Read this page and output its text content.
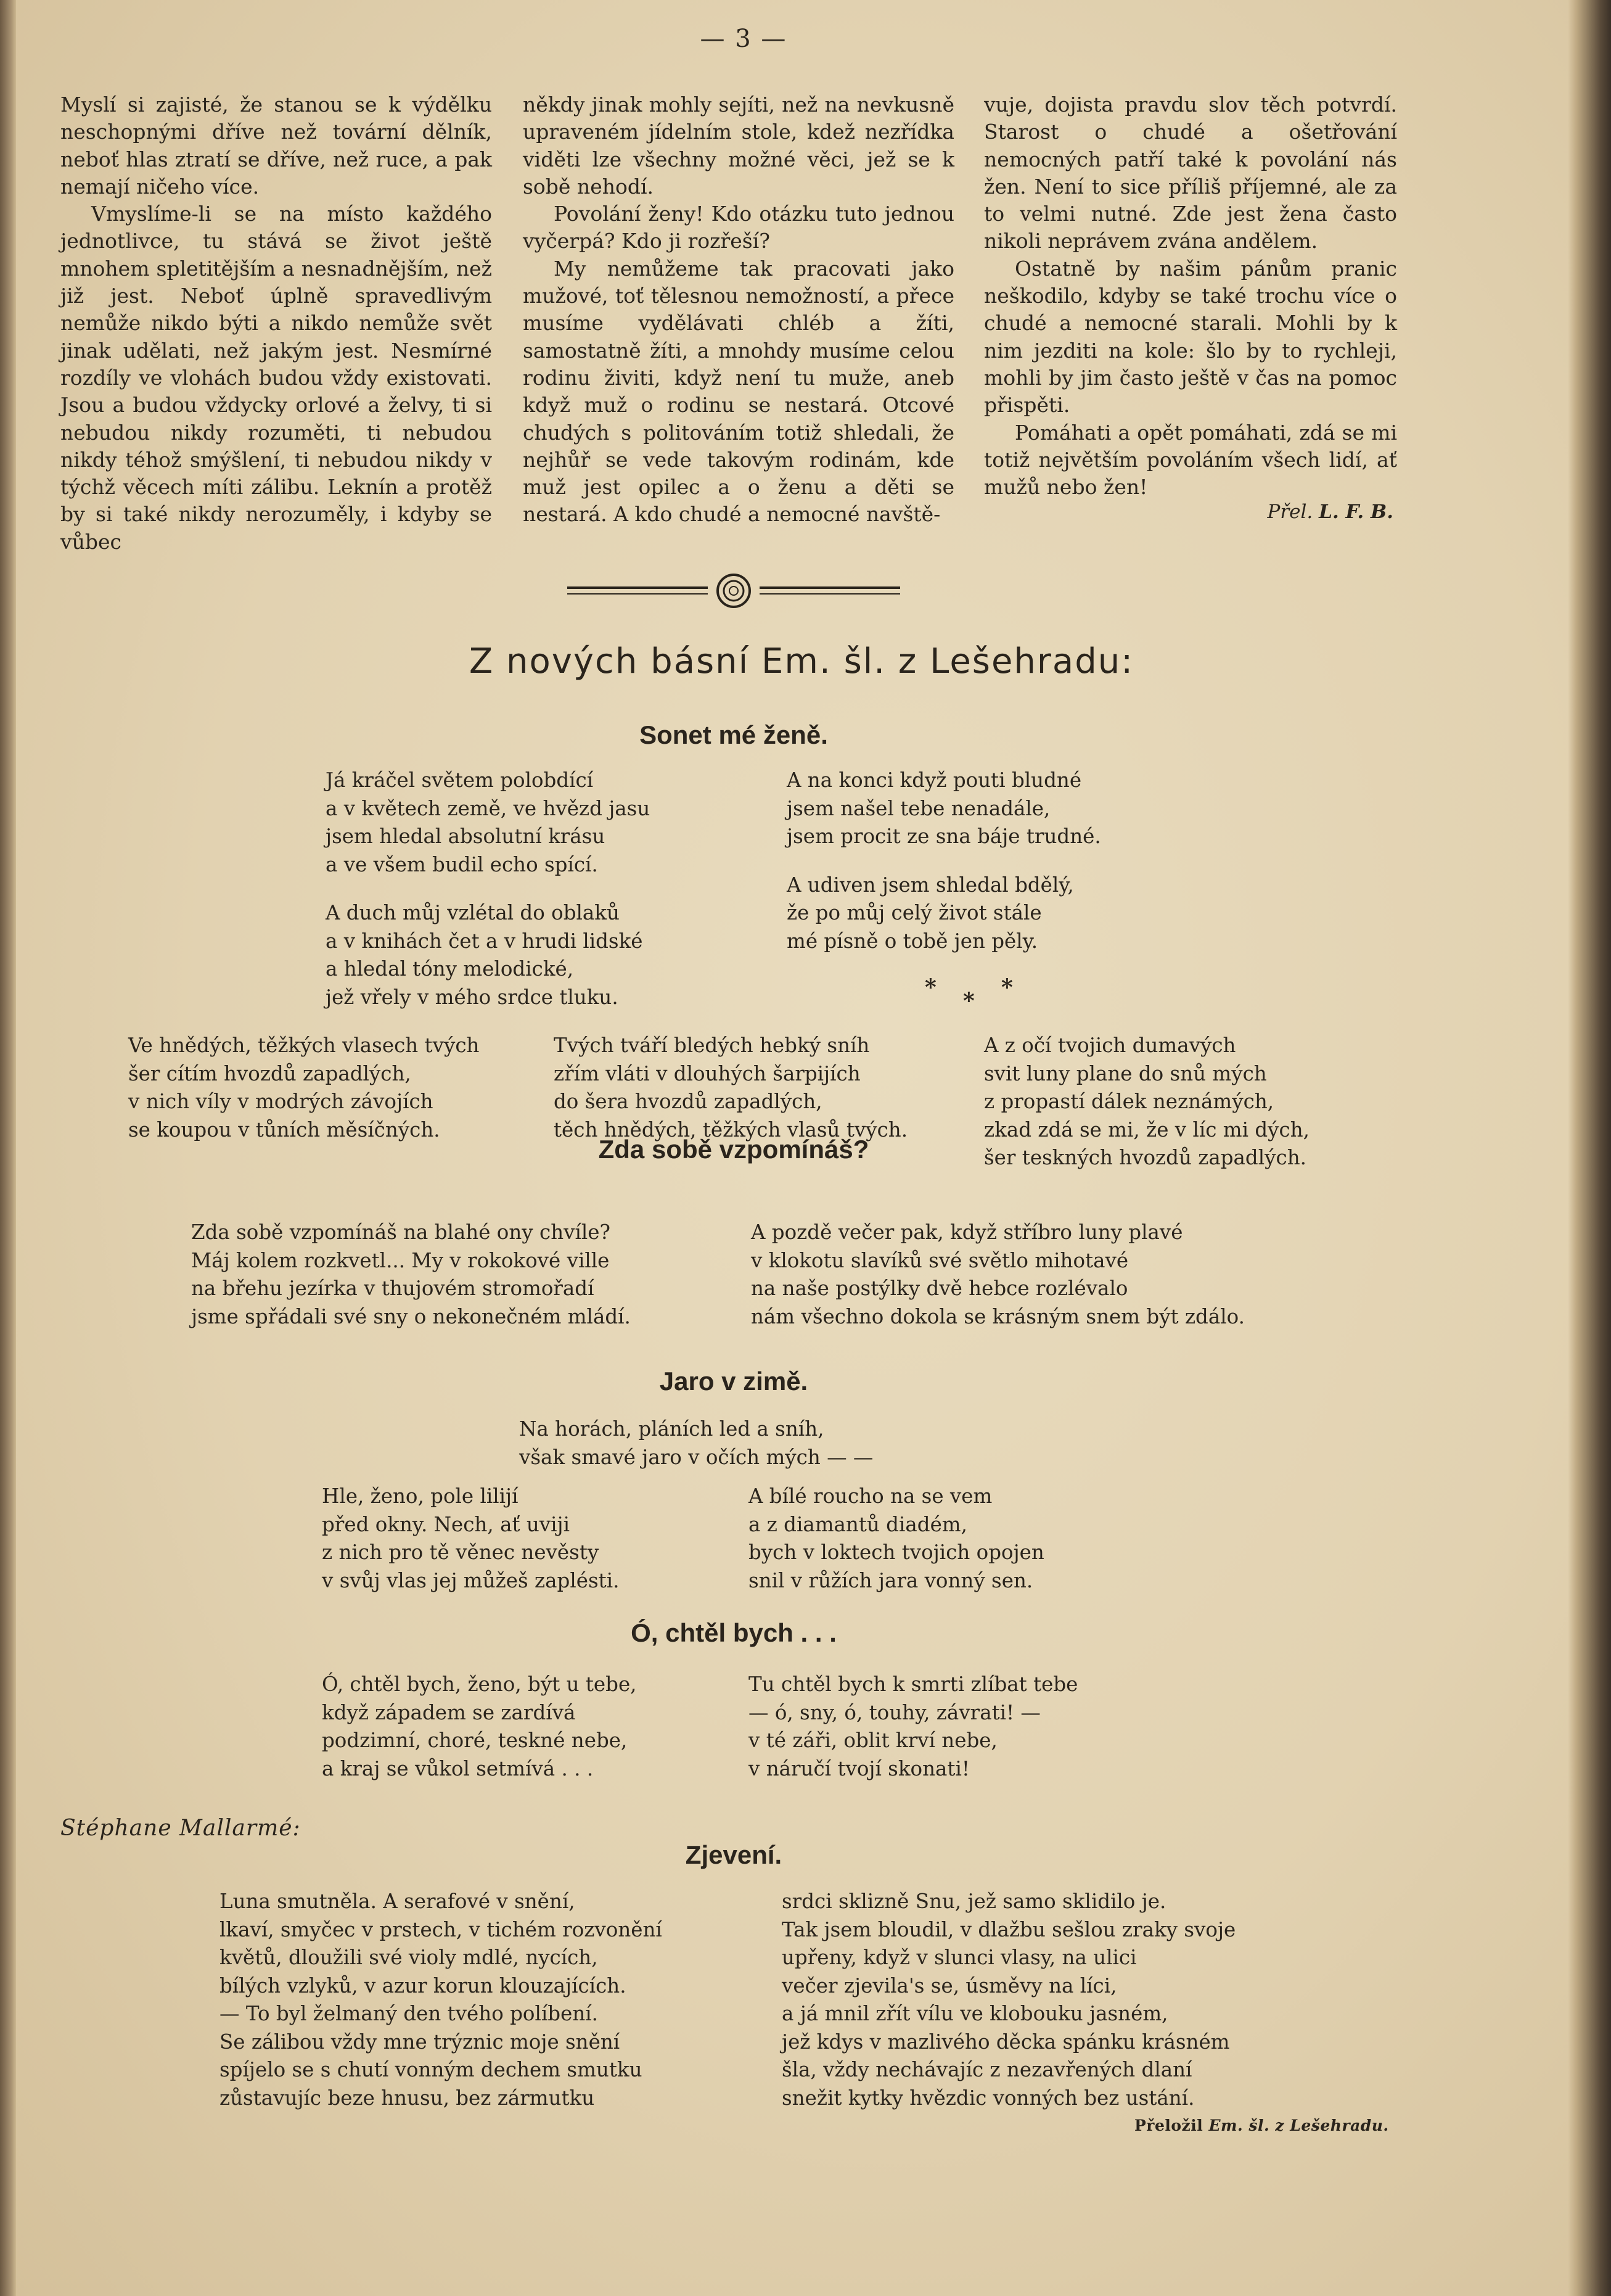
— 3 —

Myslí si zajisté, že stanou se k výdělku neschopnými dříve než tovární dělník, neboť hlas ztratí se dříve, než ruce, a pak nemají ničeho více.

Vmyslíme-li se na místo každého jednotlivce, tu stává se život ještě mnohem spletitějším a nesnadnějším, než již jest. Neboť úplně spravedlivým nemůže nikdo býti a nikdo nemůže svět jinak udělati, než jakým jest. Nesmírné rozdíly ve vlohách budou vždy existovati. Jsou a budou vždycky orlové a želvy, ti si nebudou nikdy rozuměti, ti nebudou nikdy téhož smýšlení, ti nebudou nikdy v týchž věcech míti zálibu. Leknín a protěž by si také nikdy nerozuměly, i kdyby se vůbec

někdy jinak mohly sejíti, než na nevkusně upraveném jídelním stole, kdež nezřídka viděti lze všechny možné věci, jež se k sobě nehodí.

Povolání ženy! Kdo otázku tuto jednou vyčerpá? Kdo ji rozřeší?

My nemůžeme tak pracovati jako mužové, toť tělesnou nemožností, a přece musíme vydělávati chléb a žíti, samostatně žíti, a mnohdy musíme celou rodinu živiti, když není tu muže, aneb když muž o rodinu se nestará. Otcové chudých s politováním totiž shledali, že nejhůř se vede takovým rodinám, kde muž jest opilec a o ženu a děti se nestará. A kdo chudé a nemocné navště-

vuje, dojista pravdu slov těch potvrdí. Starost o chudé a ošetřování nemocných patří také k povolání nás žen. Není to sice příliš příjemné, ale za to velmi nutné. Zde jest žena často nikoli neprávem zvána andělem.

Ostatně by našim pánům pranic neškodilo, kdyby se také trochu více o chudé a nemocné starali. Mohli by k nim jezditi na kole: šlo by to rychleji, mohli by jim často ještě v čas na pomoc přispěti.

Pomáhati a opět pomáhati, zdá se mi totiž největším povoláním všech lidí, ať mužů nebo žen!

Přel. L. F. B.
Z nových básní Em. šl. z Lešehradu:
Sonet mé ženě.
Já kráčel světem polobdící
a v květech země, ve hvězd jasu
jsem hledal absolutní krásu
a ve všem budil echo spící.
A duch můj vzlétal do oblaků
a v knihách čet a v hrudi lidské
a hledal tóny melodické,
jež vřely v mého srdce tluku.
A na konci když pouti bludné
jsem našel tebe nenadále,
jsem procit ze sna báje trudné.
A udiven jsem shledal bdělý,
že po můj celý život stále
mé písně o tobě jen pěly.
*
*
*
Ve hnědých, těžkých vlasech tvých
šer cítím hvozdů zapadlých,
v nich víly v modrých závojích
se koupou v tůních měsíčných.
Tvých tváří bledých hebký sníh
zřím vláti v dlouhých šarpijích
do šera hvozdů zapadlých,
těch hnědých, těžkých vlasů tvých.
A z očí tvojich dumavých
svit luny plane do snů mých
z propastí dálek neznámých,
zkad zdá se mi, že v líc mi dých,
šer teskných hvozdů zapadlých.
Zda sobě vzpomínáš?
Zda sobě vzpomínáš na blahé ony chvíle?
Máj kolem rozkvetl... My v rokokové ville
na břehu jezírka v thujovém stromořadí
jsme spřádali své sny o nekonečném mládí.
A pozdě večer pak, když stříbro luny plavé
v klokotu slavíků své světlo mihotavé
na naše postýlky dvě hebce rozlévalo
nám všechno dokola se krásným snem být zdálo.
Jaro v zimě.
Na horách, pláních led a sníh,
však smavé jaro v očích mých — —
Hle, ženo, pole lilijí
před okny. Nech, ať uviji
z nich pro tě věnec nevěsty
v svůj vlas jej můžeš zaplésti.
A bílé roucho na se vem
a z diamantů diadém,
bych v loktech tvojich opojen
snil v růžích jara vonný sen.
Ó, chtěl bych . . .
Ó, chtěl bych, ženo, být u tebe,
když západem se zardívá
podzimní, choré, teskné nebe,
a kraj se vůkol setmívá . . .
Tu chtěl bych k smrti zlíbat tebe
— ó, sny, ó, touhy, závrati! —
v té záři, oblit krví nebe,
v náručí tvojí skonati!
Stéphane Mallarmé:
Zjevení.
Luna smutněla. A serafové v snění,
lkaví, smyčec v prstech, v tichém rozvonění
květů, dloužili své violy mdlé, nycích,
bílých vzlyků, v azur korun klouzajících.
— To byl želmaný den tvého políbení.
Se zálibou vždy mne trýznic moje snění
spíjelo se s chutí vonným dechem smutku
zůstavujíc beze hnusu, bez zármutku
srdci sklizně Snu, jež samo sklidilo je.
Tak jsem bloudil, v dlažbu sešlou zraky svoje
upřeny, když v slunci vlasy, na ulici
večer zjevila's se, úsměvy na líci,
a já mnil zřít vílu ve klobouku jasném,
jež kdys v mazlivého děcka spánku krásném
šla, vždy nechávajíc z nezavřených dlaní
snežit kytky hvězdic vonných bez ustání.
Přeložil Em. šl. z Lešehradu.
